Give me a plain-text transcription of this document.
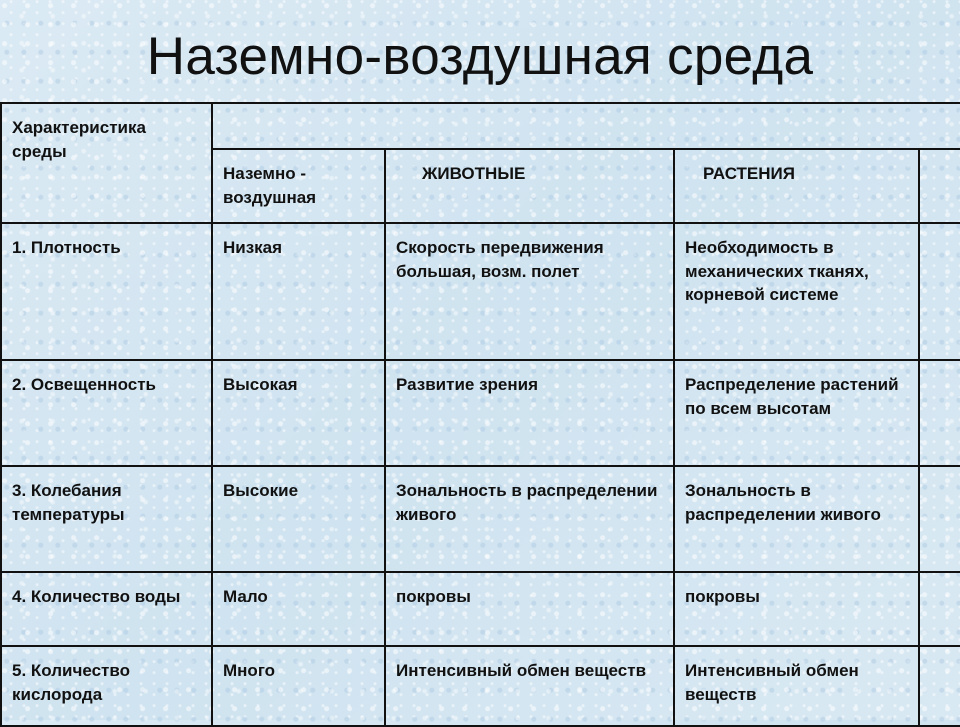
Наземно-воздушная среда
Характеристика среды				
	Наземно - воздушная	ЖИВОТНЫЕ	РАСТЕНИЯ	
1. Плотность	Низкая	Скорость передвижения большая, возм. полет	Необходимость в механических тканях, корневой системе	
2. Освещенность	Высокая	Развитие зрения	Распределение растений по всем высотам	
3. Колебания температуры	Высокие	Зональность в распределении живого	Зональность в распределении живого	
4. Количество воды	Мало	покровы	покровы	
5. Количество кислорода	Много	Интенсивный обмен веществ	Интенсивный обмен веществ	
